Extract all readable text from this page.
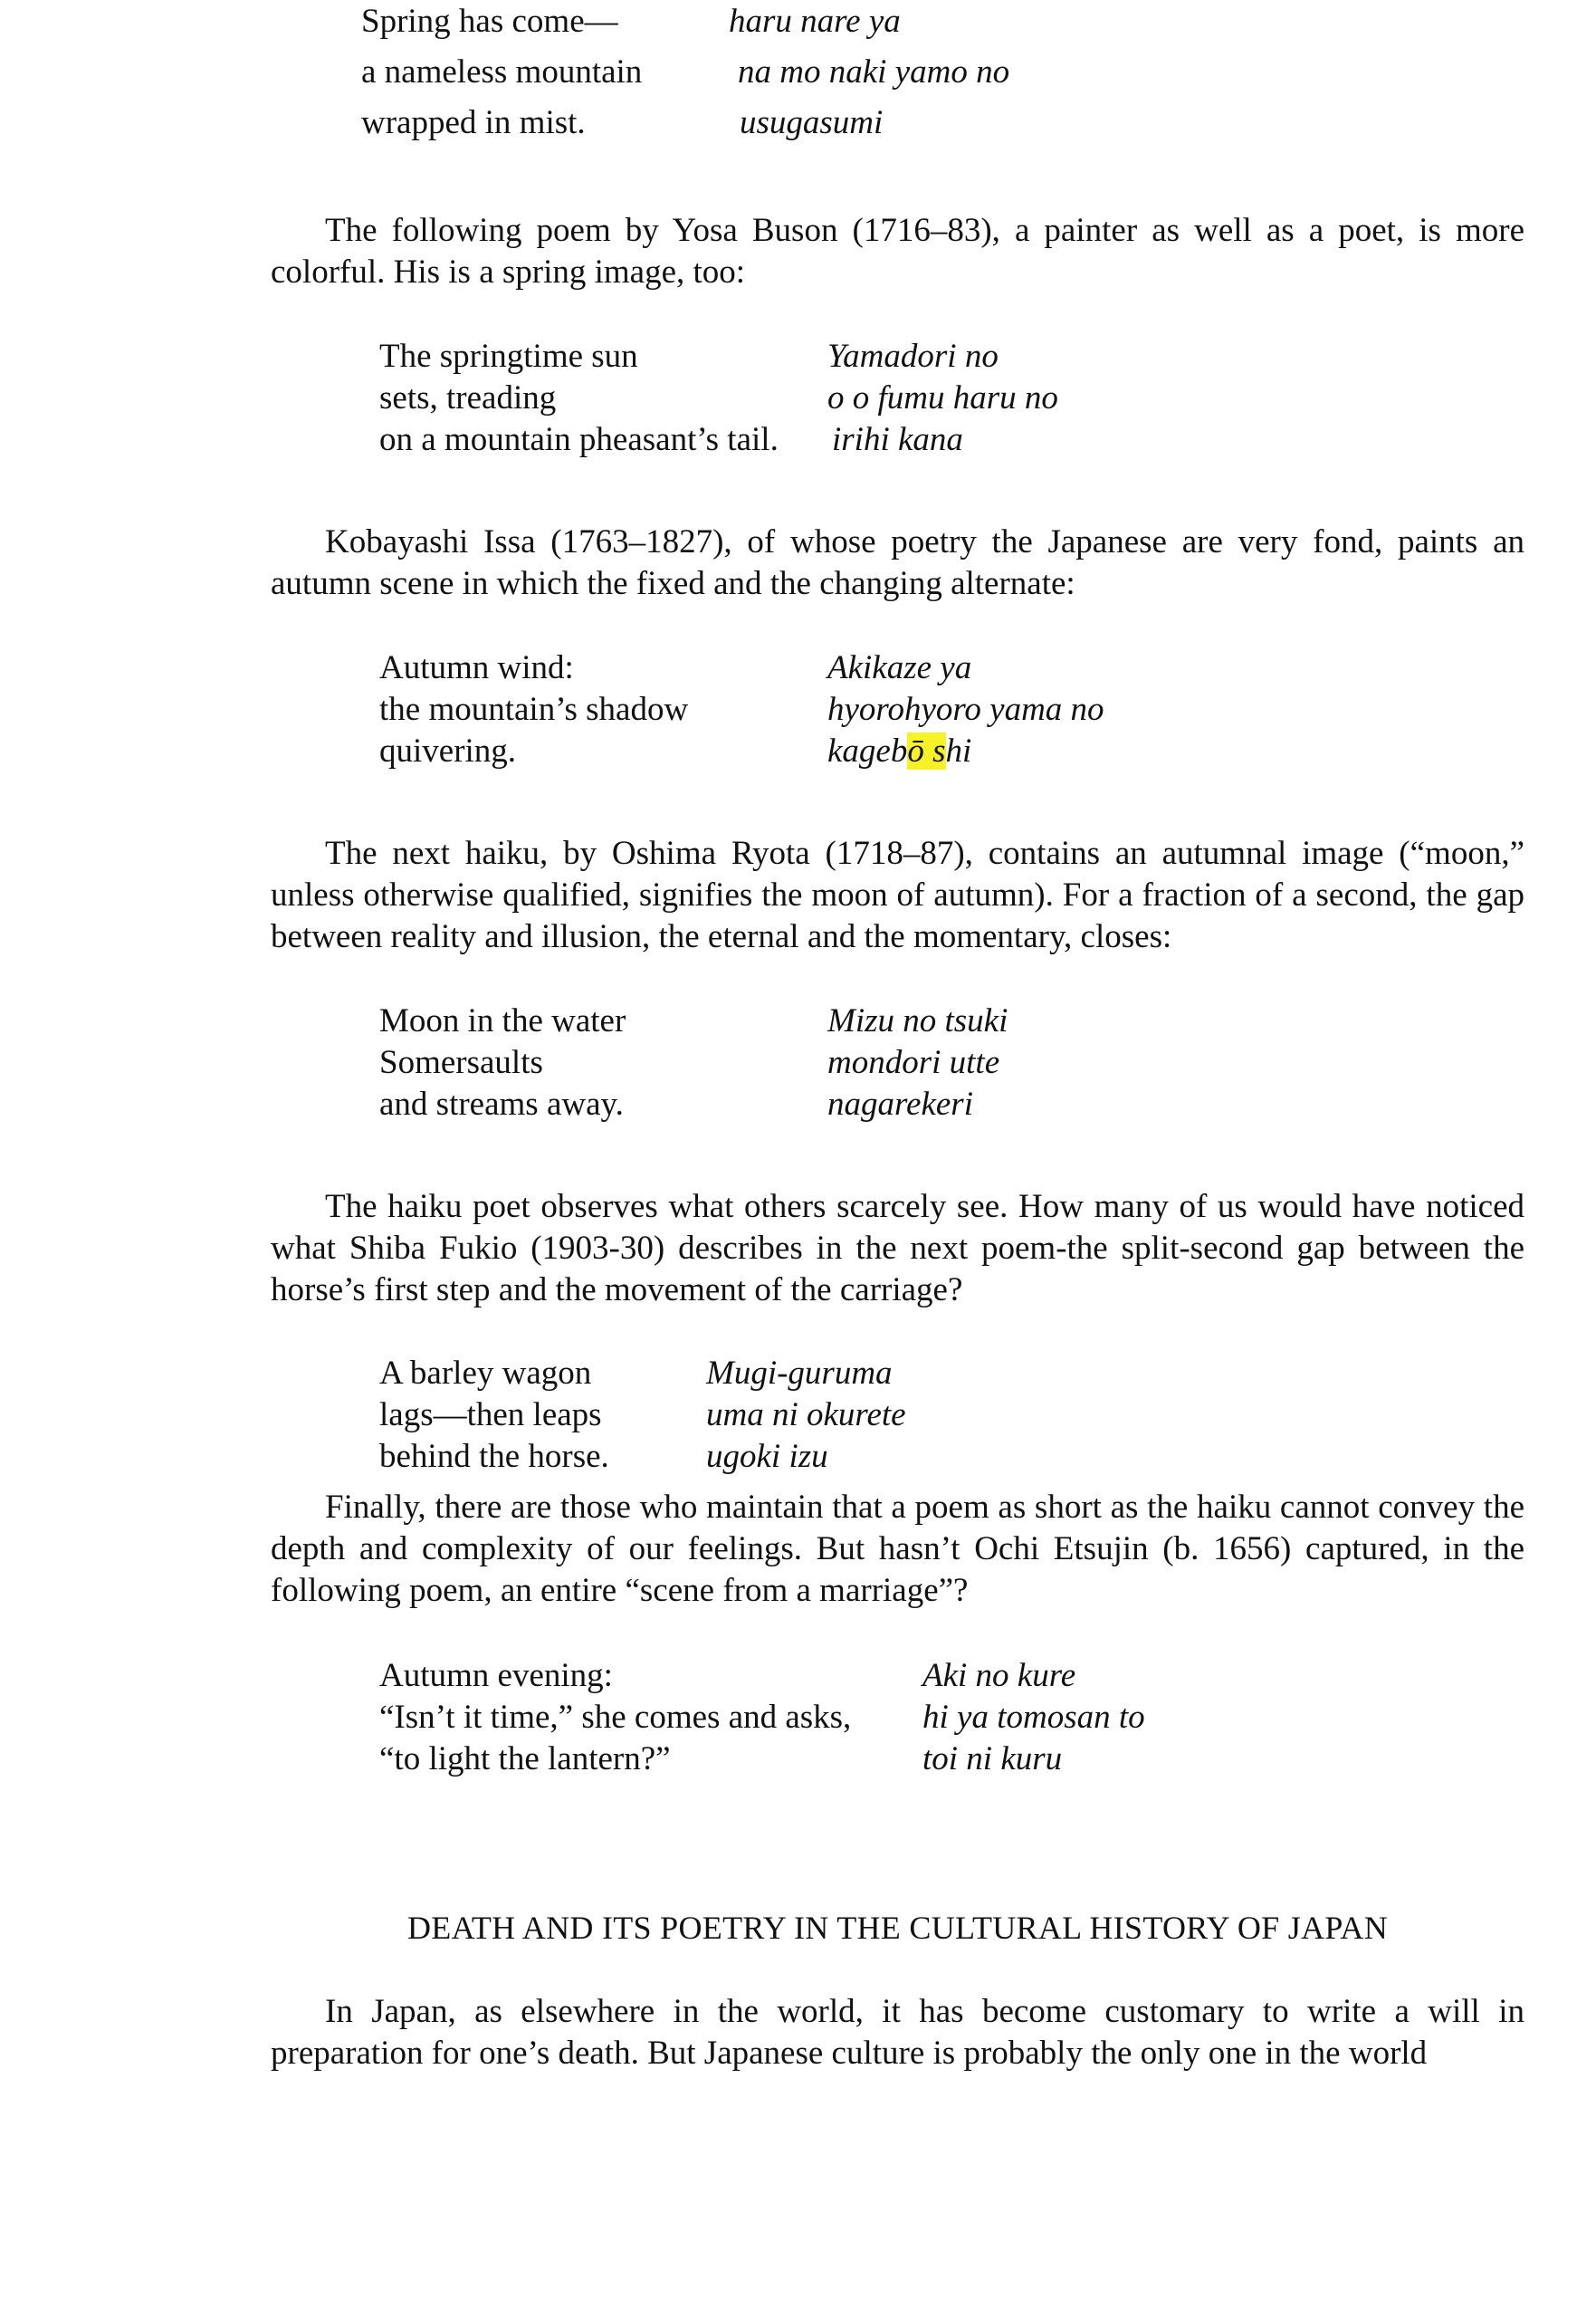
Spring has come—
a nameless mountain
wrapped in mist.
haru nare ya
na mo naki yamo no
usugasumi

The following poem by Yosa Buson (1716–83), a painter as well as a poet, is more colorful. His is a spring image, too:

The springtime sun
sets, treading
on a mountain pheasant’s tail.
Yamadori no
o o fumu haru no
irihi kana

Kobayashi Issa (1763–1827), of whose poetry the Japanese are very fond, paints an autumn scene in which the fixed and the changing alternate:

Autumn wind:
the mountain’s shadow
quivering.
Akikaze ya
hyorohyoro yama no
kagebō shi

The next haiku, by Oshima Ryota (1718–87), contains an autumnal image (“moon,” unless otherwise qualified, signifies the moon of autumn). For a fraction of a second, the gap between reality and illusion, the eternal and the momentary, closes:

Moon in the water
Somersaults
and streams away.
Mizu no tsuki
mondori utte
nagarekeri

The haiku poet observes what others scarcely see. How many of us would have noticed what Shiba Fukio (1903-30) describes in the next poem-the split-second gap between the horse’s first step and the movement of the carriage?

A barley wagon
lags—then leaps
behind the horse.
Mugi-guruma
uma ni okurete
ugoki izu

Finally, there are those who maintain that a poem as short as the haiku cannot convey the depth and complexity of our feelings. But hasn’t Ochi Etsujin (b. 1656) captured, in the following poem, an entire “scene from a marriage”?

Autumn evening:
“Isn’t it time,” she comes and asks,
“to light the lantern?”
Aki no kure
hi ya tomosan to
toi ni kuru
DEATH AND ITS POETRY IN THE CULTURAL HISTORY OF JAPAN

In Japan, as elsewhere in the world, it has become customary to write a will in preparation for one’s death. But Japanese culture is probably the only one in the world
